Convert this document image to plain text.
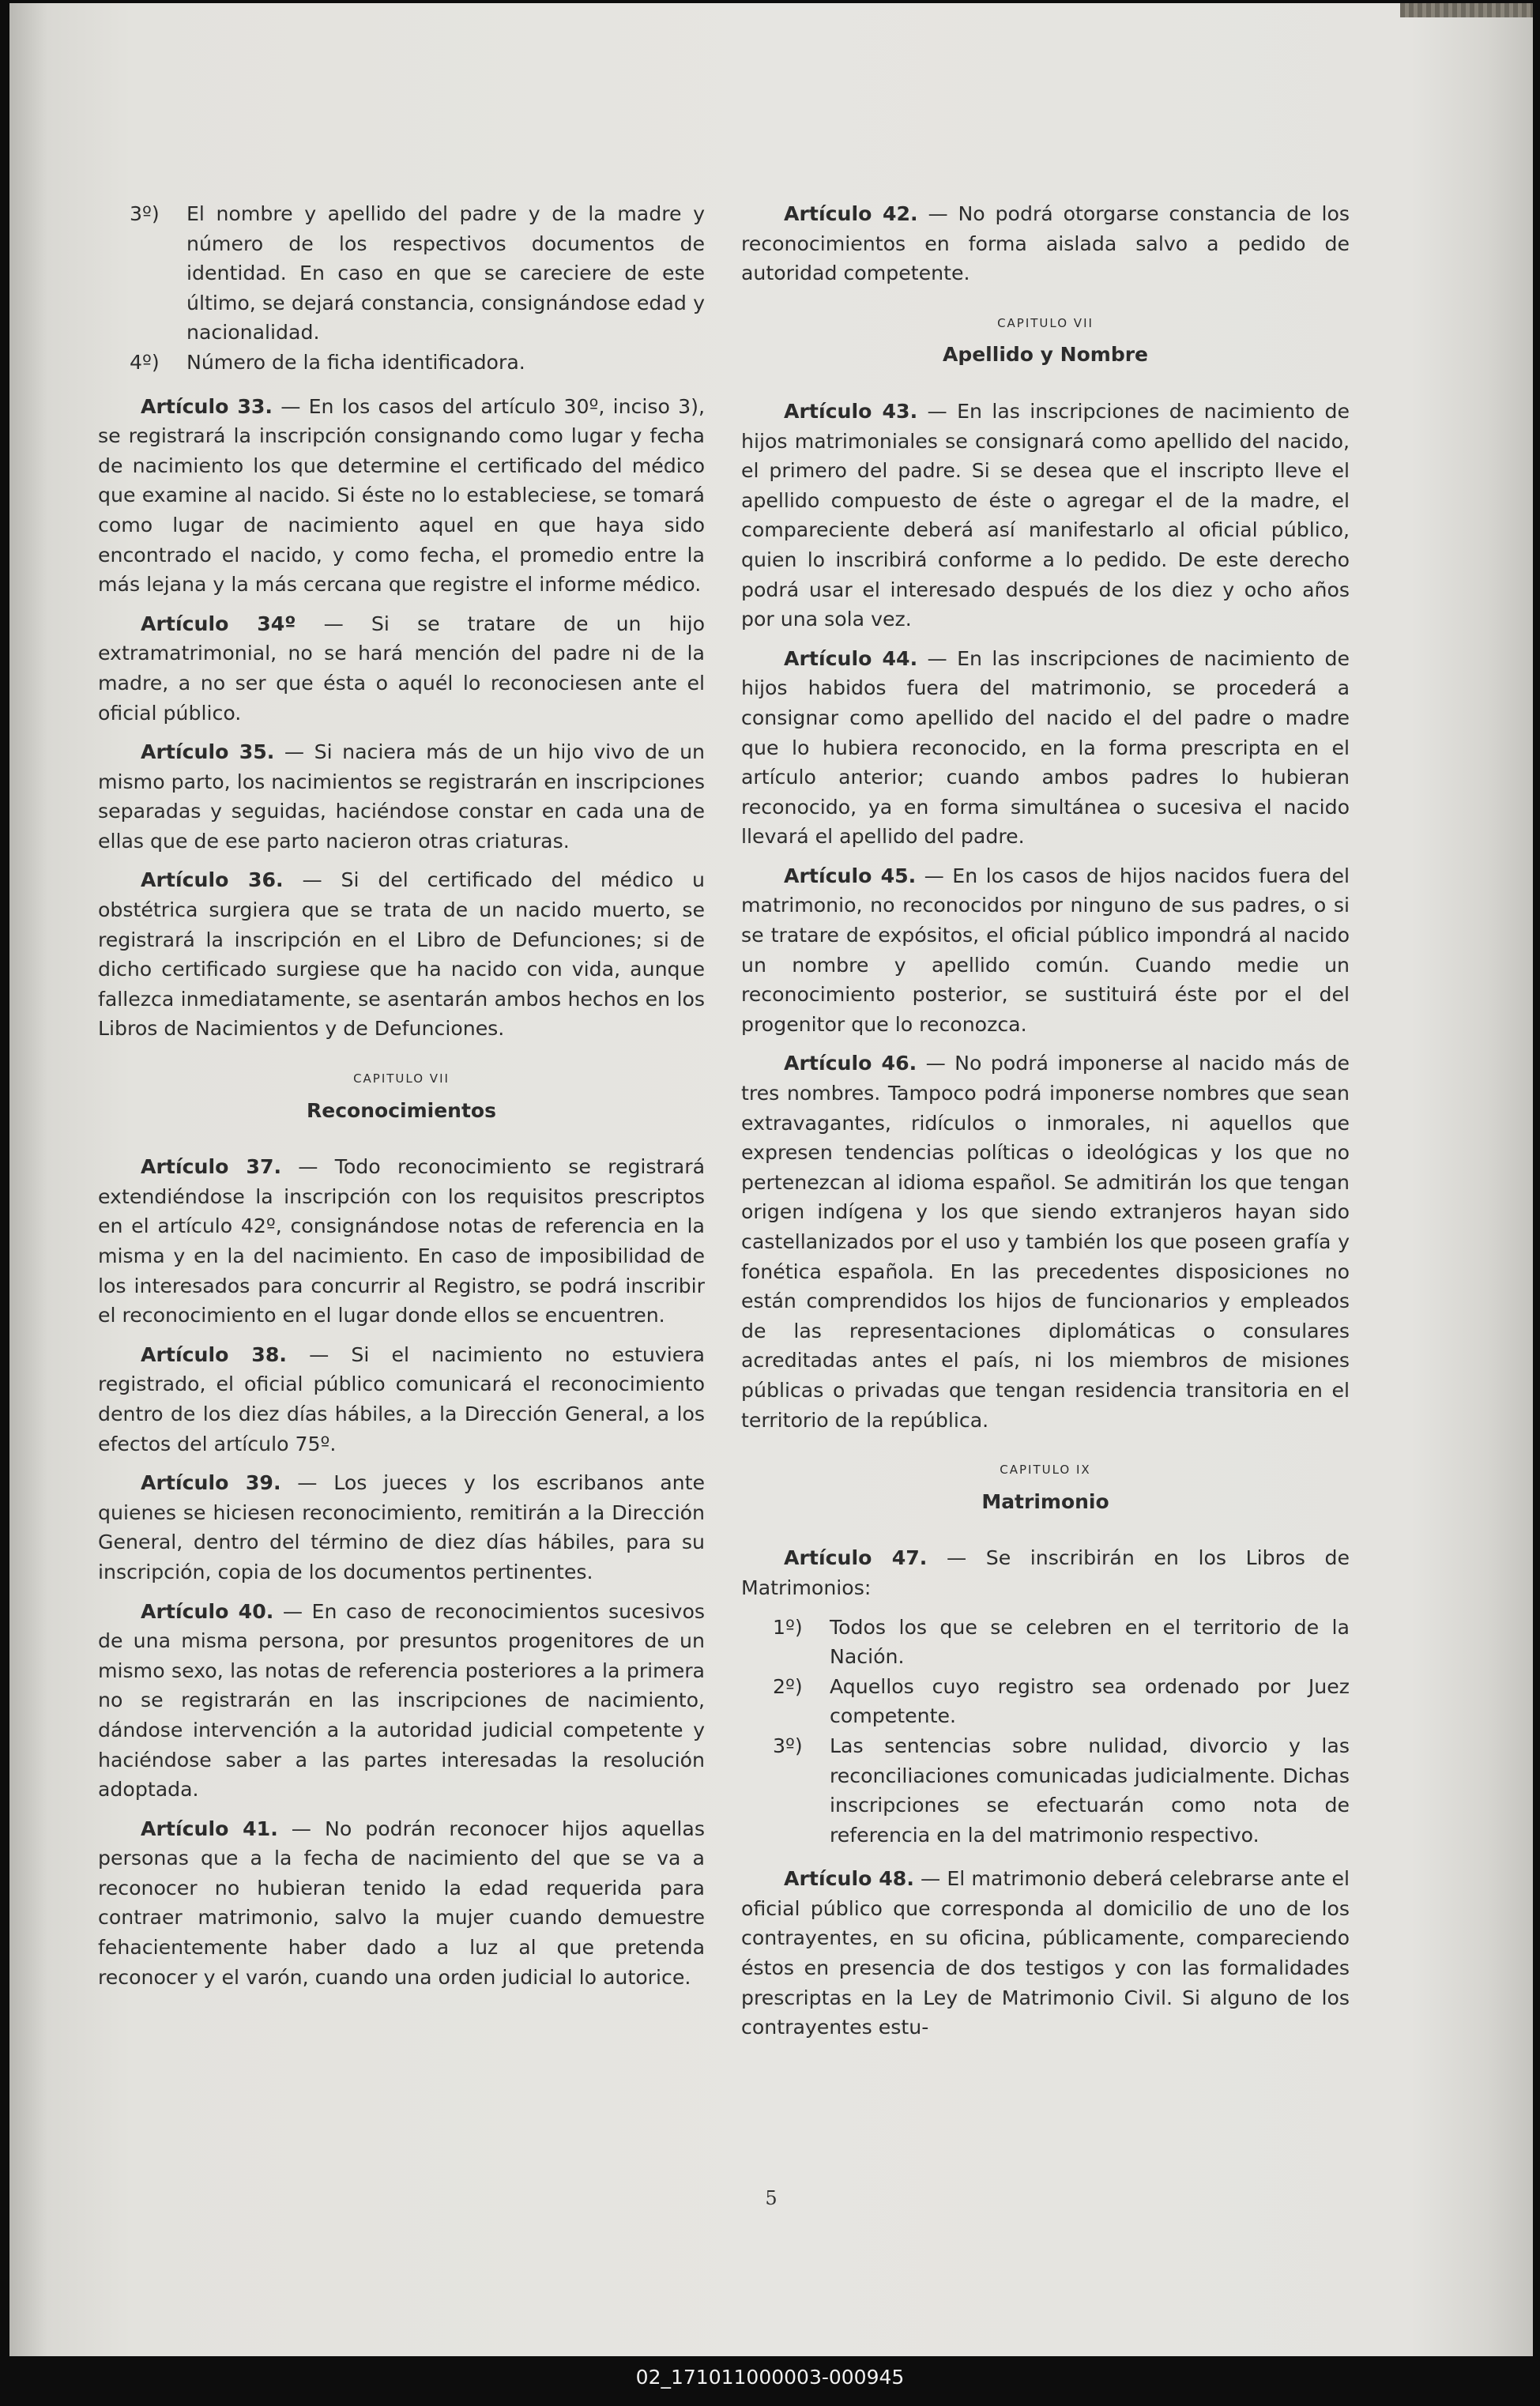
3º)	El nombre y apellido del padre y de la madre y número de los respectivos documentos de identidad. En caso en que se careciere de este último, se dejará constancia, consignándose edad y nacionalidad.
4º)	Número de la ficha identificadora.

Artículo 33. — En los casos del artículo 30º, inciso 3), se registrará la inscripción consignando como lugar y fecha de nacimiento los que determine el certificado del médico que examine al nacido. Si éste no lo estableciese, se tomará como lugar de nacimiento aquel en que haya sido encontrado el nacido, y como fecha, el promedio entre la más lejana y la más cercana que registre el informe médico.

Artículo 34º — Si se tratare de un hijo extramatrimonial, no se hará mención del padre ni de la madre, a no ser que ésta o aquél lo reconociesen ante el oficial público.

Artículo 35. — Si naciera más de un hijo vivo de un mismo parto, los nacimientos se registrarán en inscripciones separadas y seguidas, haciéndose constar en cada una de ellas que de ese parto nacieron otras criaturas.

Artículo 36. — Si del certificado del médico u obstétrica surgiera que se trata de un nacido muerto, se registrará la inscripción en el Libro de Defunciones; si de dicho certificado surgiese que ha nacido con vida, aunque fallezca inmediatamente, se asentarán ambos hechos en los Libros de Nacimientos y de Defunciones.

CAPITULO VII
Reconocimientos

Artículo 37. — Todo reconocimiento se registrará extendiéndose la inscripción con los requisitos prescriptos en el artículo 42º, consignándose notas de referencia en la misma y en la del nacimiento. En caso de imposibilidad de los interesados para concurrir al Registro, se podrá inscribir el reconocimiento en el lugar donde ellos se encuentren.

Artículo 38. — Si el nacimiento no estuviera registrado, el oficial público comunicará el reconocimiento dentro de los diez días hábiles, a la Dirección General, a los efectos del artículo 75º.

Artículo 39. — Los jueces y los escribanos ante quienes se hiciesen reconocimiento, remitirán a la Dirección General, dentro del término de diez días hábiles, para su inscripción, copia de los documentos pertinentes.

Artículo 40. — En caso de reconocimientos sucesivos de una misma persona, por presuntos progenitores de un mismo sexo, las notas de referencia posteriores a la primera no se registrarán en las inscripciones de nacimiento, dándose intervención a la autoridad judicial competente y haciéndose saber a las partes interesadas la resolución adoptada.

Artículo 41. — No podrán reconocer hijos aquellas personas que a la fecha de nacimiento del que se va a reconocer no hubieran tenido la edad requerida para contraer matrimonio, salvo la mujer cuando demuestre fehacientemente haber dado a luz al que pretenda reconocer y el varón, cuando una orden judicial lo autorice.

Artículo 42. — No podrá otorgarse constancia de los reconocimientos en forma aislada salvo a pedido de autoridad competente.

CAPITULO VII
Apellido y Nombre

Artículo 43. — En las inscripciones de nacimiento de hijos matrimoniales se consignará como apellido del nacido, el primero del padre. Si se desea que el inscripto lleve el apellido compuesto de éste o agregar el de la madre, el compareciente deberá así manifestarlo al oficial público, quien lo inscribirá conforme a lo pedido. De este derecho podrá usar el interesado después de los diez y ocho años por una sola vez.

Artículo 44. — En las inscripciones de nacimiento de hijos habidos fuera del matrimonio, se procederá a consignar como apellido del nacido el del padre o madre que lo hubiera reconocido, en la forma prescripta en el artículo anterior; cuando ambos padres lo hubieran reconocido, ya en forma simultánea o sucesiva el nacido llevará el apellido del padre.

Artículo 45. — En los casos de hijos nacidos fuera del matrimonio, no reconocidos por ninguno de sus padres, o si se tratare de expósitos, el oficial público impondrá al nacido un nombre y apellido común. Cuando medie un reconocimiento posterior, se sustituirá éste por el del progenitor que lo reconozca.

Artículo 46. — No podrá imponerse al nacido más de tres nombres. Tampoco podrá imponerse nombres que sean extravagantes, ridículos o inmorales, ni aquellos que expresen tendencias políticas o ideológicas y los que no pertenezcan al idioma español. Se admitirán los que tengan origen indígena y los que siendo extranjeros hayan sido castellanizados por el uso y también los que poseen grafía y fonética española. En las precedentes disposiciones no están comprendidos los hijos de funcionarios y empleados de las representaciones diplomáticas o consulares acreditadas antes el país, ni los miembros de misiones públicas o privadas que tengan residencia transitoria en el territorio de la república.

CAPITULO IX
Matrimonio

Artículo 47. — Se inscribirán en los Libros de Matrimonios:

1º)	Todos los que se celebren en el territorio de la Nación.
2º)	Aquellos cuyo registro sea ordenado por Juez competente.
3º)	Las sentencias sobre nulidad, divorcio y las reconciliaciones comunicadas judicialmente. Dichas inscripciones se efectuarán como nota de referencia en la del matrimonio respectivo.

Artículo 48. — El matrimonio deberá celebrarse ante el oficial público que corresponda al domicilio de uno de los contrayentes, en su oficina, públicamente, compareciendo éstos en presencia de dos testigos y con las formalidades prescriptas en la Ley de Matrimonio Civil. Si alguno de los contrayentes estu-

5
02_171011000003-000945
